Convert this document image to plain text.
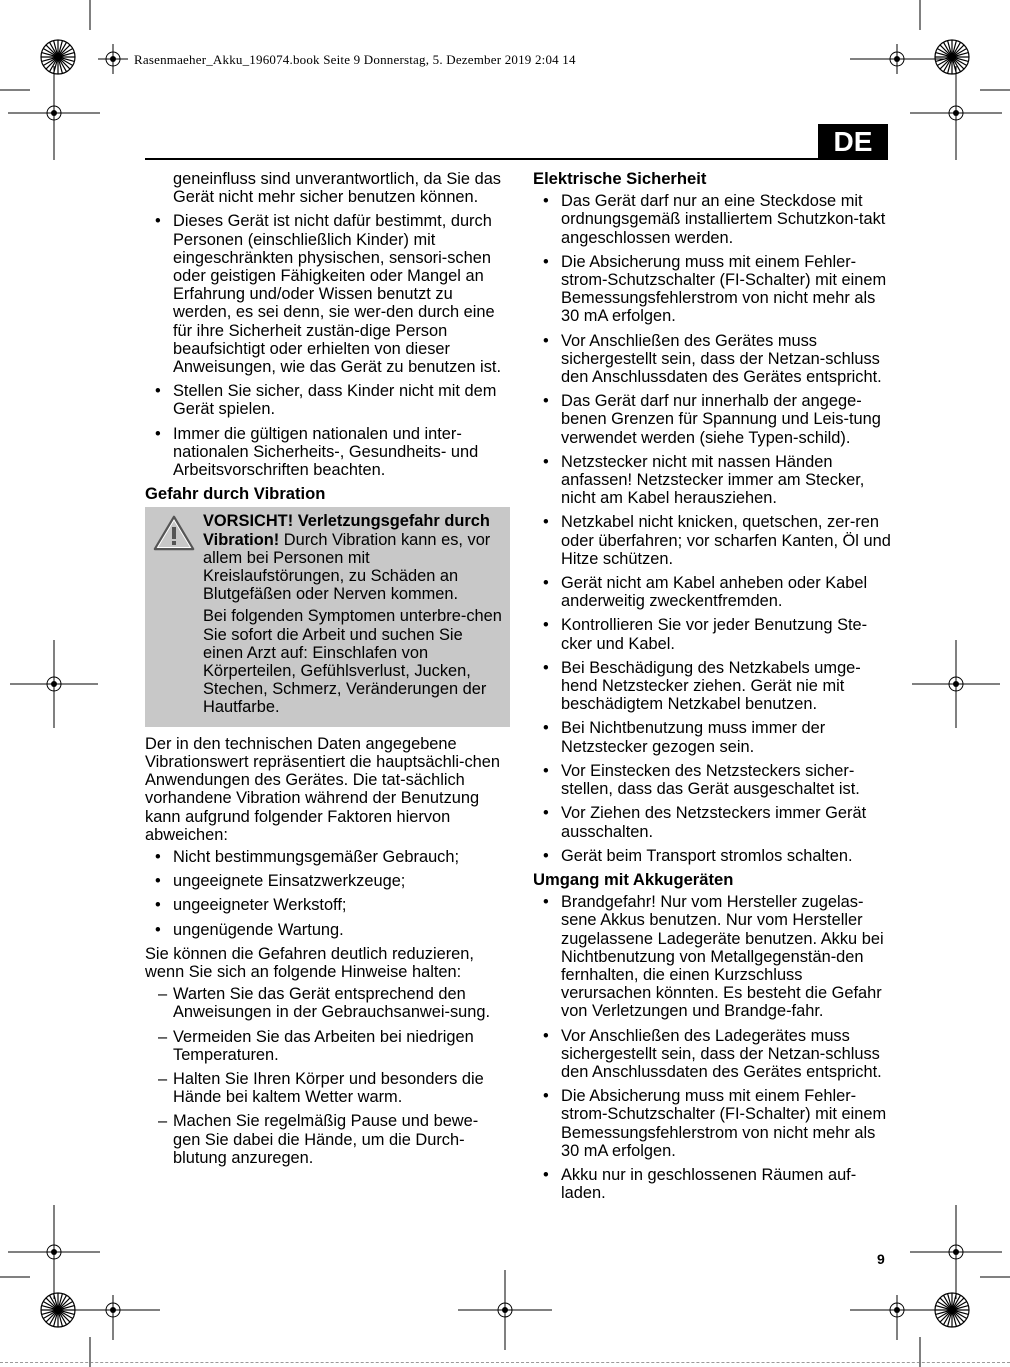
Rasenmaeher_Akku_196074.book Seite 9 Donnerstag, 5. Dezember 2019 2:04 14
DE

geneinfluss sind unverantwortlich, da Sie das Gerät nicht mehr sicher benutzen können.

• Dieses Gerät ist nicht dafür bestimmt, durch Personen (einschließlich Kinder) mit eingeschränkten physischen, sensori-schen oder geistigen Fähigkeiten oder Mangel an Erfahrung und/oder Wissen benutzt zu werden, es sei denn, sie wer-den durch eine für ihre Sicherheit zustän-dige Person beaufsichtigt oder erhielten von dieser Anweisungen, wie das Gerät zu benutzen ist.
• Stellen Sie sicher, dass Kinder nicht mit dem Gerät spielen.
• Immer die gültigen nationalen und inter-nationalen Sicherheits-, Gesundheits- und Arbeitsvorschriften beachten.
Gefahr durch Vibration

VORSICHT! Verletzungsgefahr durch Vibration! Durch Vibration kann es, vor allem bei Personen mit Kreislaufstörungen, zu Schäden an Blutgefäßen oder Nerven kommen.

Bei folgenden Symptomen unterbre-chen Sie sofort die Arbeit und suchen Sie einen Arzt auf: Einschlafen von Körperteilen, Gefühlsverlust, Jucken, Stechen, Schmerz, Veränderungen der Hautfarbe.

Der in den technischen Daten angegebene Vibrationswert repräsentiert die hauptsächli-chen Anwendungen des Gerätes. Die tat-sächlich vorhandene Vibration während der Benutzung kann aufgrund folgender Faktoren hiervon abweichen:

• Nicht bestimmungsgemäßer Gebrauch;
• ungeeignete Einsatzwerkzeuge;
• ungeeigneter Werkstoff;
• ungenügende Wartung.

Sie können die Gefahren deutlich reduzieren, wenn Sie sich an folgende Hinweise halten:

– Warten Sie das Gerät entsprechend den Anweisungen in der Gebrauchsanwei-sung.
– Vermeiden Sie das Arbeiten bei niedrigen Temperaturen.
– Halten Sie Ihren Körper und besonders die Hände bei kaltem Wetter warm.
– Machen Sie regelmäßig Pause und bewe-gen Sie dabei die Hände, um die Durch-blutung anzuregen.
Elektrische Sicherheit
• Das Gerät darf nur an eine Steckdose mit ordnungsgemäß installiertem Schutzkon-takt angeschlossen werden.
• Die Absicherung muss mit einem Fehler-strom-Schutzschalter (FI-Schalter) mit einem Bemessungsfehlerstrom von nicht mehr als 30 mA erfolgen.
• Vor Anschließen des Gerätes muss sichergestellt sein, dass der Netzan-schluss den Anschlussdaten des Gerätes entspricht.
• Das Gerät darf nur innerhalb der angege-benen Grenzen für Spannung und Leis-tung verwendet werden (siehe Typen-schild).
• Netzstecker nicht mit nassen Händen anfassen! Netzstecker immer am Stecker, nicht am Kabel herausziehen.
• Netzkabel nicht knicken, quetschen, zer-ren oder überfahren; vor scharfen Kanten, Öl und Hitze schützen.
• Gerät nicht am Kabel anheben oder Kabel anderweitig zweckentfremden.
• Kontrollieren Sie vor jeder Benutzung Ste-cker und Kabel.
• Bei Beschädigung des Netzkabels umge-hend Netzstecker ziehen. Gerät nie mit beschädigtem Netzkabel benutzen.
• Bei Nichtbenutzung muss immer der Netzstecker gezogen sein.
• Vor Einstecken des Netzsteckers sicher-stellen, dass das Gerät ausgeschaltet ist.
• Vor Ziehen des Netzsteckers immer Gerät ausschalten.
• Gerät beim Transport stromlos schalten.
Umgang mit Akkugeräten
• Brandgefahr! Nur vom Hersteller zugelas-sene Akkus benutzen. Nur vom Hersteller zugelassene Ladegeräte benutzen. Akku bei Nichtbenutzung von Metallgegenstän-den fernhalten, die einen Kurzschluss verursachen könnten. Es besteht die Gefahr von Verletzungen und Brandge-fahr.
• Vor Anschließen des Ladegerätes muss sichergestellt sein, dass der Netzan-schluss den Anschlussdaten des Gerätes entspricht.
• Die Absicherung muss mit einem Fehler-strom-Schutzschalter (FI-Schalter) mit einem Bemessungsfehlerstrom von nicht mehr als 30 mA erfolgen.
• Akku nur in geschlossenen Räumen auf-laden.
9
